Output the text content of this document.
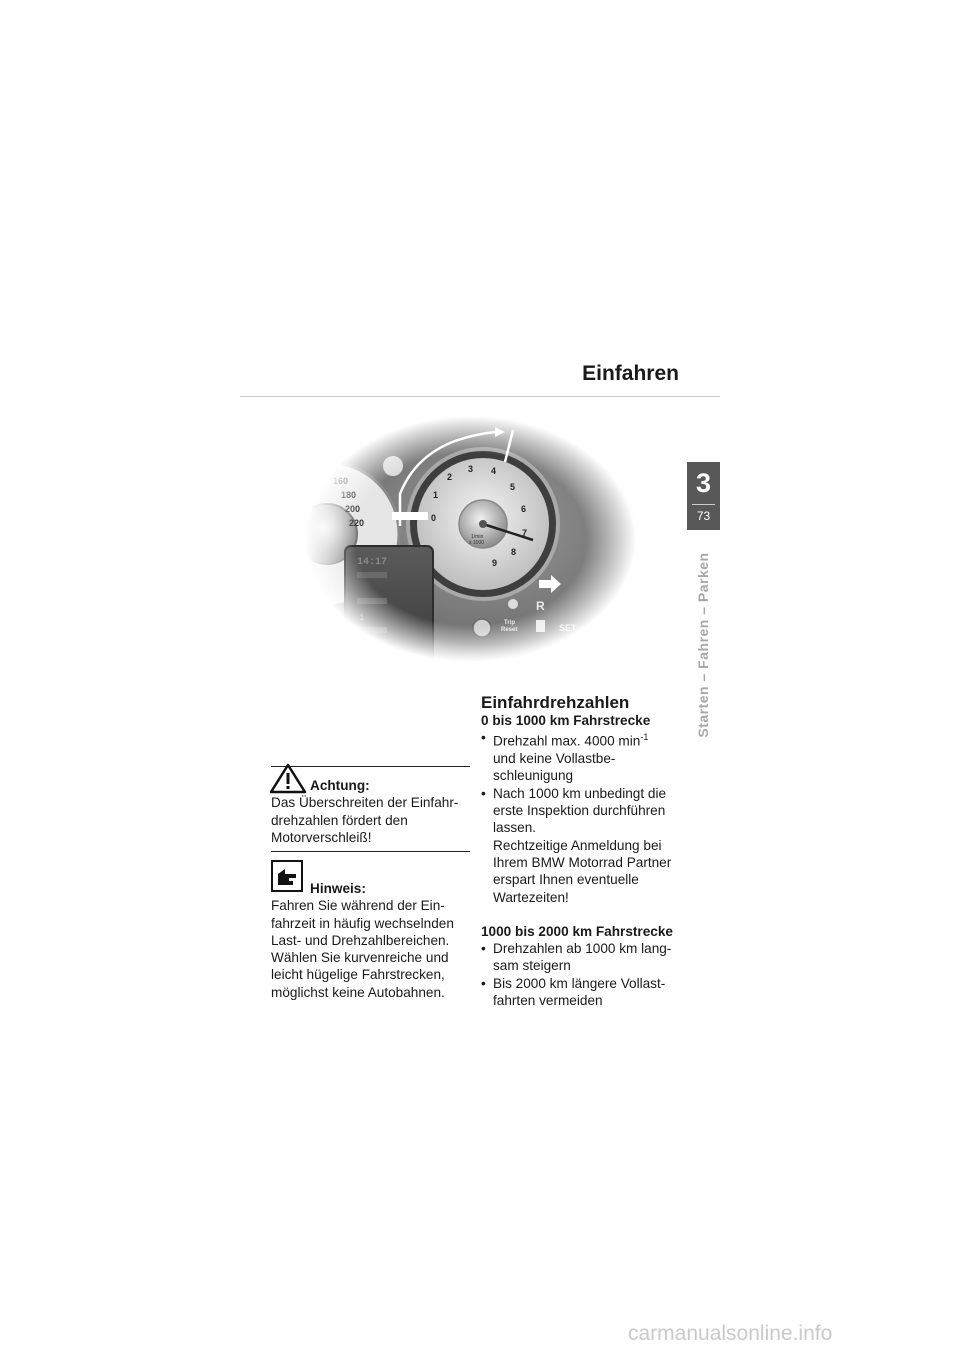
Einfahren
3
73
Starten – Fahren – Parken
Achtung:
Das Überschreiten der Einfahr-
drehzahlen fördert den
Motorverschleiß!
Hinweis:
Fahren Sie während der Ein-
fahrzeit in häufig wechselnden
Last- und Drehzahlbereichen.
Wählen Sie kurvenreiche und
leicht hügelige Fahrstrecken,
möglichst keine Autobahnen.
Einfahrdrehzahlen
0 bis 1000 km Fahrstrecke
• Drehzahl max. 4000 $\min^{-1}$
und keine Vollastbe-
schleunigung
• Nach 1000 km unbedingt die
erste Inspektion durchführen
lassen.
Rechtzeitige Anmeldung bei
Ihrem BMW Motorrad Partner
erspart Ihnen eventuelle
Wartezeiten!
1000 bis 2000 km Fahrstrecke
• Drehzahlen ab 1000 km lang-
sam steigern
• Bis 2000 km längere Vollast-
fahrten vermeiden
carmanualsonline.info
